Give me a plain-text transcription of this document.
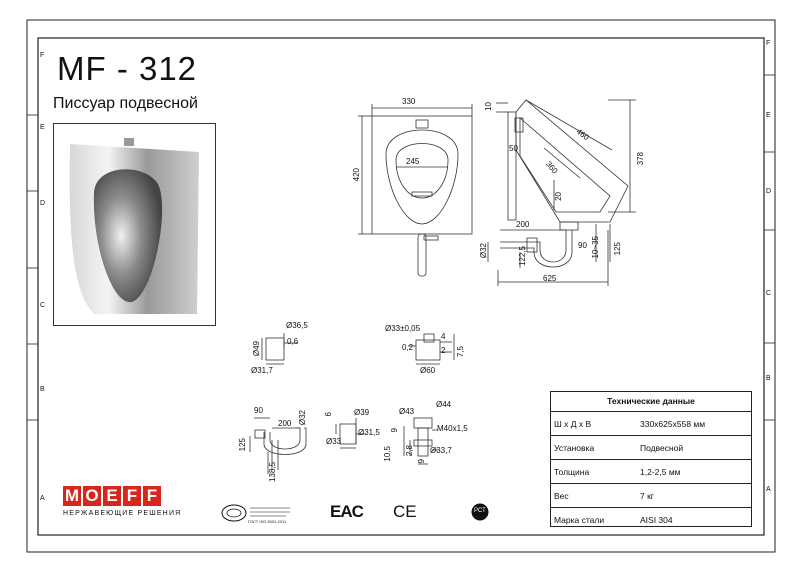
F
E
D
C
B
A
F
E
D
C
B
A
MF - 312
Писсуар подвесной	330
420
245
10
50
460
360
378
20
200
Ø32	122,5
90 10~35 125
625
Ø36,5
0,6
Ø49
Ø31,7
Ø33±0,05
4
0,2	2 7,5
Ø60
90
200 Ø32
125
138,5
6	Ø39
Ø31,5
Ø33
Ø43
Ø44
M40x1,5
9
10,5 2,8 Ø33,7
9
Технические данные
Ш х Д х В	330x625x558 мм
Установка	Подвесной
Толщина	1,2-2,5 мм
Вес	7 кг
Марка стали	AISI 304
M O E F F
НЕРЖАВЕЮЩИЕ РЕШЕНИЯ	EAC CE	РСТ
ГОСТ ISO 9001-2011
